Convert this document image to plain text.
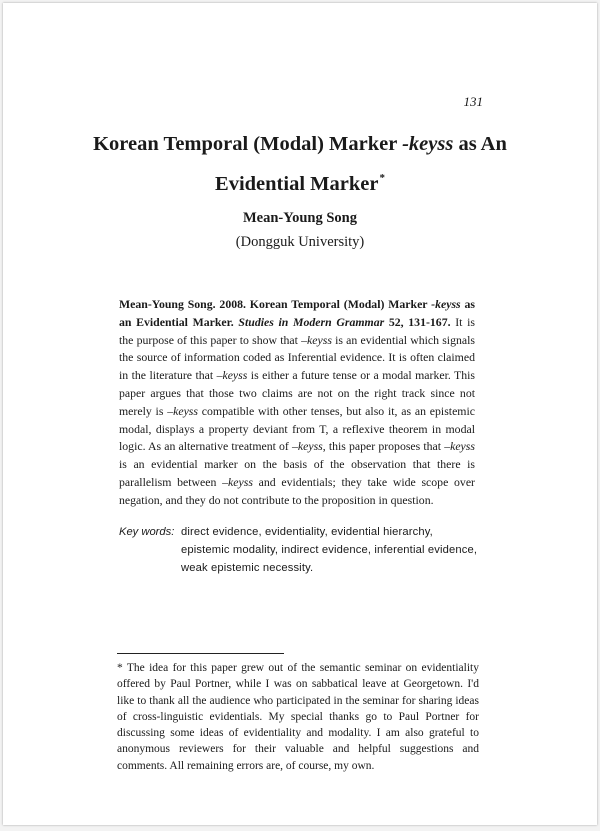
131
Korean Temporal (Modal) Marker -keyss as An
Evidential Marker*
Mean-Young Song
(Dongguk University)
Mean-Young Song. 2008. Korean Temporal (Modal) Marker -keyss as an Evidential Marker. Studies in Modern Grammar 52, 131-167. It is the purpose of this paper to show that –keyss is an evidential which signals the source of information coded as Inferential evidence. It is often claimed in the literature that –keyss is either a future tense or a modal marker. This paper argues that those two claims are not on the right track since not merely is –keyss compatible with other tenses, but also it, as an epistemic modal, displays a property deviant from T, a reflexive theorem in modal logic. As an alternative treatment of –keyss, this paper proposes that –keyss is an evidential marker on the basis of the observation that there is parallelism between –keyss and evidentials; they take wide scope over negation, and they do not contribute to the proposition in question.
Key words: direct evidence, evidentiality, evidential hierarchy, epistemic modality, indirect evidence, inferential evidence, weak epistemic necessity.
* The idea for this paper grew out of the semantic seminar on evidentiality offered by Paul Portner, while I was on sabbatical leave at Georgetown. I'd like to thank all the audience who participated in the seminar for sharing ideas of cross-linguistic evidentials. My special thanks go to Paul Portner for discussing some ideas of evidentiality and modality. I am also grateful to anonymous reviewers for their valuable and helpful suggestions and comments. All remaining errors are, of course, my own.
